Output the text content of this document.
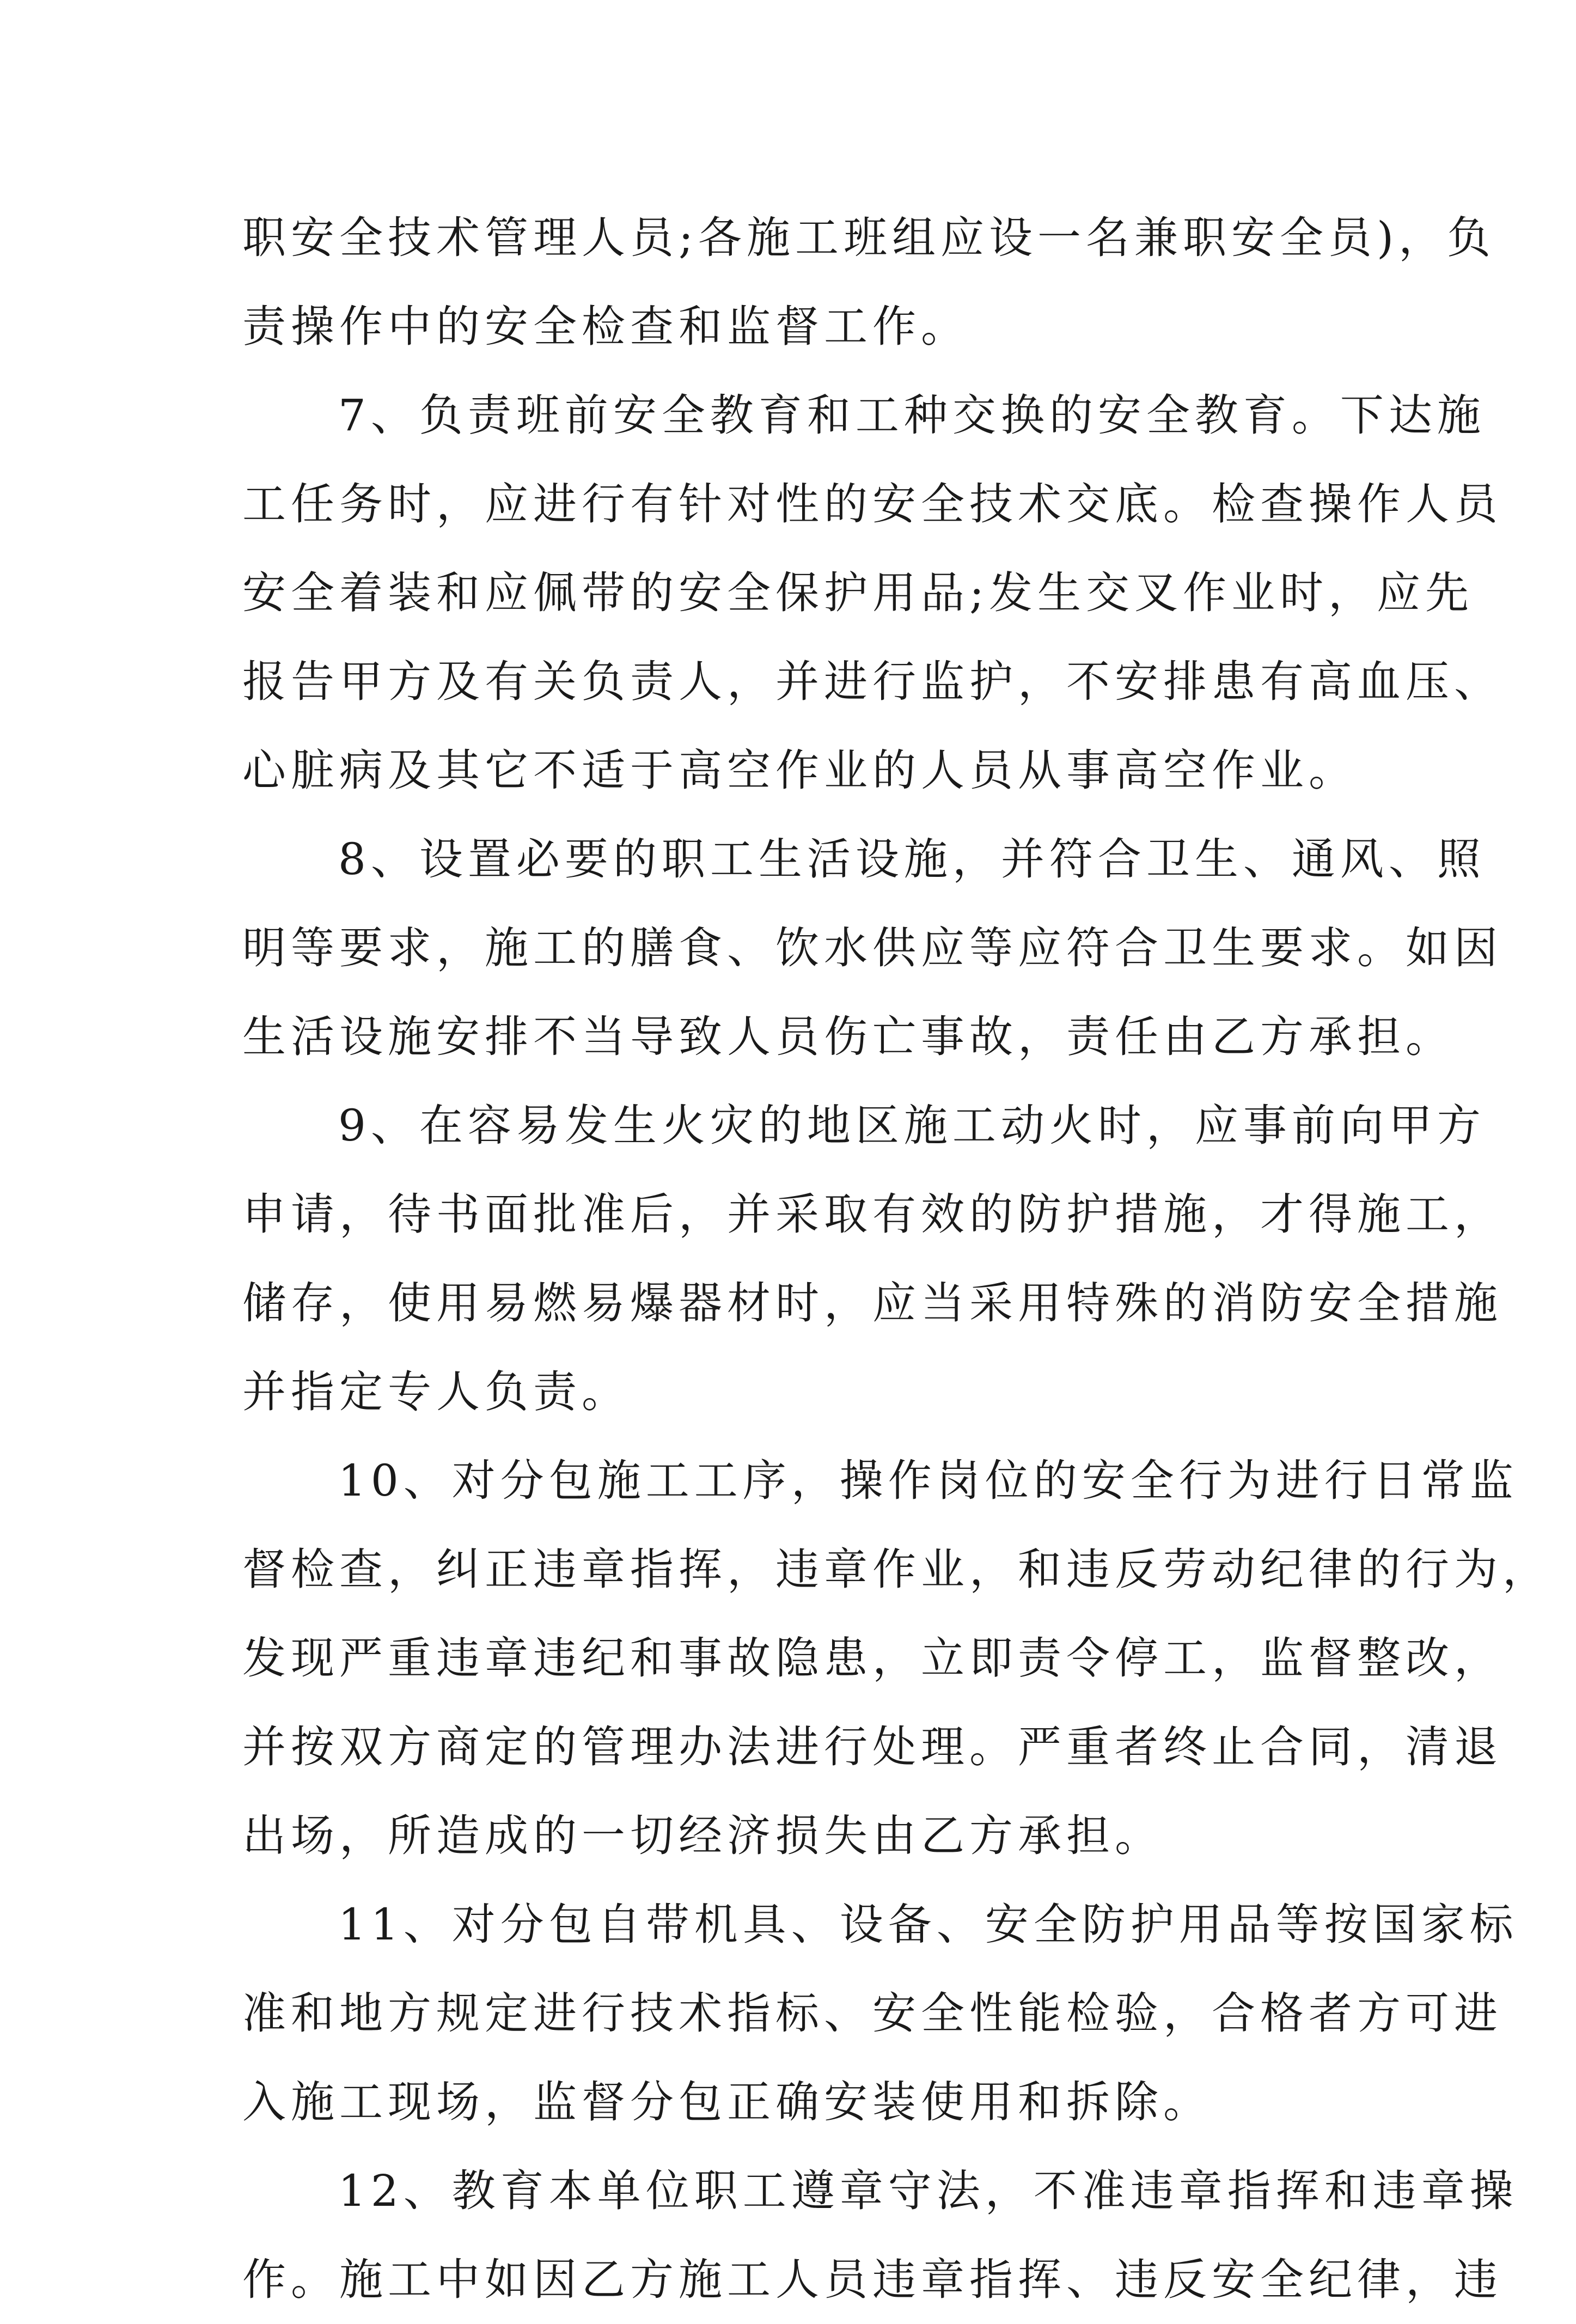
职安全技术管理人员;各施工班组应设一名兼职安全员)，负
责操作中的安全检查和监督工作。
7、负责班前安全教育和工种交换的安全教育。下达施
工任务时，应进行有针对性的安全技术交底。检查操作人员
安全着装和应佩带的安全保护用品;发生交叉作业时，应先
报告甲方及有关负责人，并进行监护，不安排患有高血压、
心脏病及其它不适于高空作业的人员从事高空作业。
8、设置必要的职工生活设施，并符合卫生、通风、照
明等要求，施工的膳食、饮水供应等应符合卫生要求。如因
生活设施安排不当导致人员伤亡事故，责任由乙方承担。
9、在容易发生火灾的地区施工动火时，应事前向甲方
申请，待书面批准后，并采取有效的防护措施，才得施工，
储存，使用易燃易爆器材时，应当采用特殊的消防安全措施
并指定专人负责。
10、对分包施工工序，操作岗位的安全行为进行日常监
督检查，纠正违章指挥，违章作业，和违反劳动纪律的行为，
发现严重违章违纪和事故隐患，立即责令停工，监督整改，
并按双方商定的管理办法进行处理。严重者终止合同，清退
出场，所造成的一切经济损失由乙方承担。
11、对分包自带机具、设备、安全防护用品等按国家标
准和地方规定进行技术指标、安全性能检验，合格者方可进
入施工现场，监督分包正确安装使用和拆除。
12、教育本单位职工遵章守法，不准违章指挥和违章操
作。施工中如因乙方施工人员违章指挥、违反安全纪律，违
